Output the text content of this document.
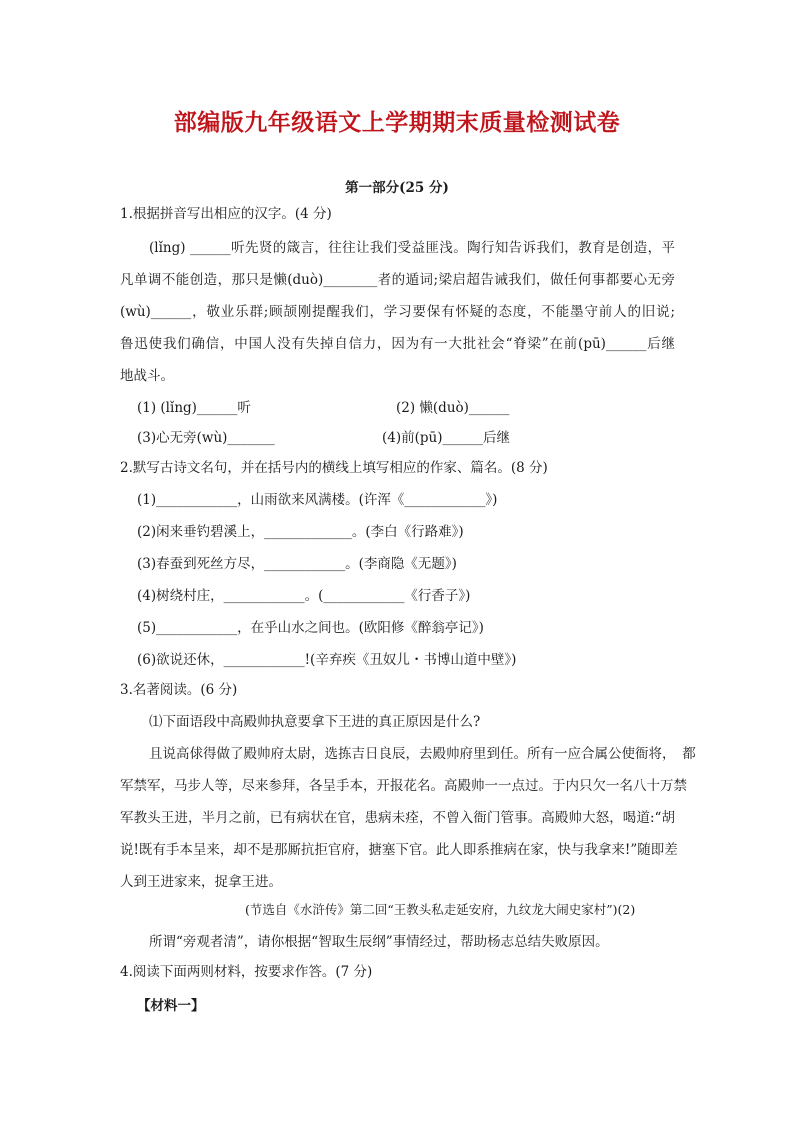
部编版九年级语文上学期期末质量检测试卷
第一部分(25 分)
1.根据拼音写出相应的汉字。(4 分)
(lǐng) ______听先贤的箴言，往往让我们受益匪浅。陶行知告诉我们，教育是创造，平
凡单调不能创造，那只是懒(duò)________者的遁词;梁启超告诫我们，做任何事都要心无旁
(wù)______，敬业乐群;顾颉刚提醒我们，学习要保有怀疑的态度，不能墨守前人的旧说;
鲁迅使我们确信，中国人没有失掉自信力，因为有一大批社会“脊梁”在前(pū)______后继
地战斗。
(1) (lǐng)______听	(2) 懒(duò)______
(3)心无旁(wù)_______	(4)前(pū)______后继
2.默写古诗文名句，并在括号内的横线上填写相应的作家、篇名。(8 分)
(1)____________，山雨欲来风满楼。(许浑《____________》)
(2)闲来垂钓碧溪上，_____________。(李白《行路难》)
(3)春蚕到死丝方尽，____________。(李商隐《无题》)
(4)树绕村庄，____________。(____________《行香子》)
(5)____________，在乎山水之间也。(欧阳修《醉翁亭记》)
(6)欲说还休，____________!(辛弃疾《丑奴儿・书博山道中壁》)
3.名著阅读。(6 分)
⑴下面语段中高殿帅执意要拿下王进的真正原因是什么?
且说高俅得做了殿帅府太尉，选拣吉日良辰，去殿帅府里到任。所有一应合属公使衙将，　都
军禁军，马步人等，尽来参拜，各呈手本，开报花名。高殿帅一一点过。于内只欠一名八十万禁
军教头王进，半月之前，已有病状在官，患病未痊，不曾入衙门管事。高殿帅大怒，喝道:“胡
说!既有手本呈来，却不是那厮抗拒官府，搪塞下官。此人即系推病在家，快与我拿来!”随即差
人到王进家来，捉拿王进。
(节选自《水浒传》第二回“王教头私走延安府，九纹龙大闹史家村”)(2)
所谓“旁观者清”，请你根据“智取生辰纲”事情经过，帮助杨志总结失败原因。
4.阅读下面两则材料，按要求作答。(7 分)
【材料一】
